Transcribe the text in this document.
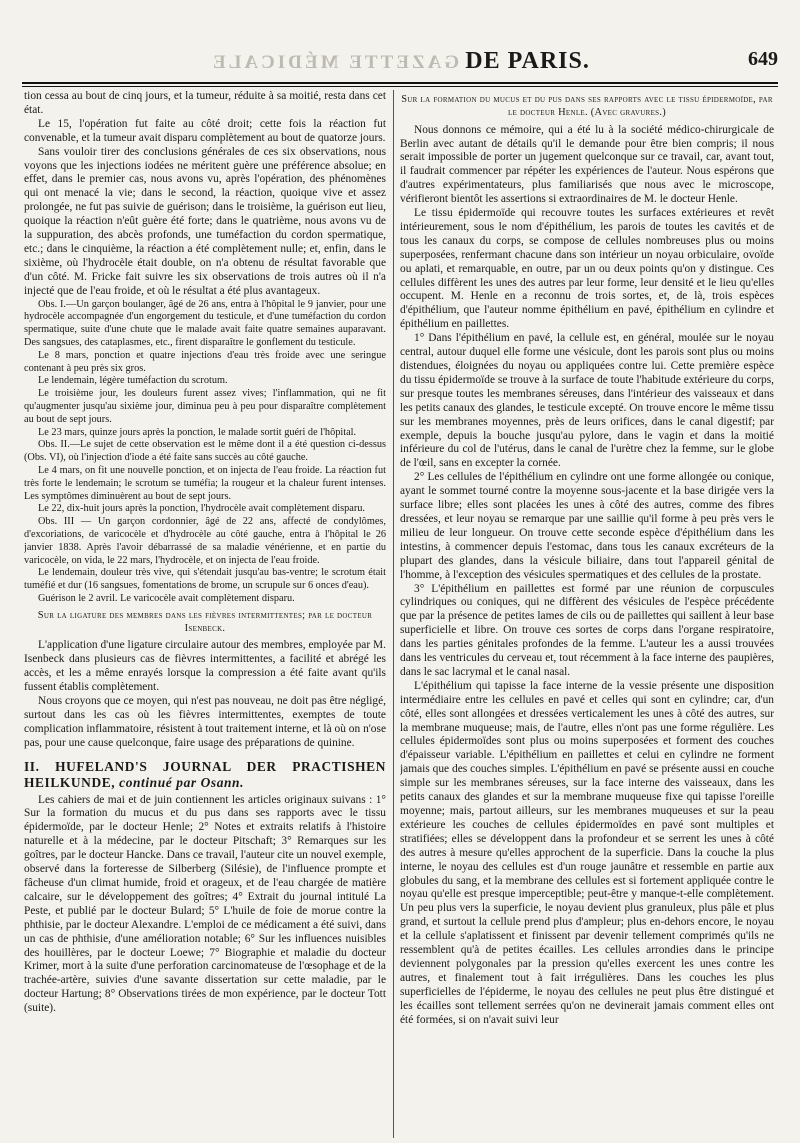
GAZETTE MÉDICALE DE PARIS.	649

tion cessa au bout de cinq jours, et la tumeur, réduite à sa moitié, resta dans cet état.

Le 15, l'opération fut faite au côté droit; cette fois la réaction fut convenable, et la tumeur avait disparu complètement au bout de quatorze jours.

Sans vouloir tirer des conclusions générales de ces six observations, nous voyons que les injections iodées ne méritent guère une préférence absolue; en effet, dans le premier cas, nous avons vu, après l'opération, des phénomènes qui ont menacé la vie; dans le second, la réaction, quoique vive et assez prolongée, ne fut pas suivie de guérison; dans le troisième, la guérison eut lieu, quoique la réaction n'eût guère été forte; dans le quatrième, nous avons vu de la suppuration, des abcès profonds, une tuméfaction du cordon spermatique, etc.; dans le cinquième, la réaction a été complètement nulle; et, enfin, dans le sixième, où l'hydrocèle était double, on n'a obtenu de résultat favorable que d'un côté. M. Fricke fait suivre les six observations de trois autres où il n'a injecté que de l'eau froide, et où le résultat a été plus avantageux.

Obs. I.—Un garçon boulanger, âgé de 26 ans, entra à l'hôpital le 9 janvier, pour une hydrocèle accompagnée d'un engorgement du testicule, et d'une tuméfaction du cordon spermatique, suite d'une chute que le malade avait faite quatre semaines auparavant. Des sangsues, des cataplasmes, etc., firent disparaître le gonflement du testicule.

Le 8 mars, ponction et quatre injections d'eau très froide avec une seringue contenant à peu près six gros.

Le lendemain, légère tuméfaction du scrotum.

Le troisième jour, les douleurs furent assez vives; l'inflammation, qui ne fit qu'augmenter jusqu'au sixième jour, diminua peu à peu pour disparaître complètement au bout de sept jours.

Le 23 mars, quinze jours après la ponction, le malade sortit guéri de l'hôpital.

Obs. II.—Le sujet de cette observation est le même dont il a été question ci-dessus (Obs. VI), où l'injection d'iode a été faite sans succès au côté gauche.

Le 4 mars, on fit une nouvelle ponction, et on injecta de l'eau froide. La réaction fut très forte le lendemain; le scrotum se tuméfia; la rougeur et la chaleur furent intenses. Les symptômes diminuèrent au bout de sept jours.

Le 22, dix-huit jours après la ponction, l'hydrocèle avait complètement disparu.

Obs. III — Un garçon cordonnier, âgé de 22 ans, affecté de condylômes, d'excoriations, de varicocèle et d'hydrocèle au côté gauche, entra à l'hôpital le 26 janvier 1838. Après l'avoir débarrassé de sa maladie vénérienne, et en partie du varicocèle, on vida, le 22 mars, l'hydrocèle, et on injecta de l'eau froide.

Le lendemain, douleur très vive, qui s'étendait jusqu'au bas-ventre; le scrotum était tuméfié et dur (16 sangsues, fomentations de brome, un scrupule sur 6 onces d'eau).

Guérison le 2 avril. Le varicocèle avait complètement disparu.

Sur la ligature des membres dans les fièvres intermittentes; par le docteur Isenbeck.

L'application d'une ligature circulaire autour des membres, employée par M. Isenbeck dans plusieurs cas de fièvres intermittentes, a facilité et abrégé les accès, et les a même enrayés lorsque la compression a été faite avant qu'ils fussent établis complètement.

Nous croyons que ce moyen, qui n'est pas nouveau, ne doit pas être négligé, surtout dans les cas où les fièvres intermittentes, exemptes de toute complication inflammatoire, résistent à tout traitement interne, et là où on n'ose pas, pour une cause quelconque, faire usage des préparations de quinine.

II. HUFELAND'S JOURNAL DER PRACTISHEN HEILKUNDE, continué par Osann.

Les cahiers de mai et de juin contiennent les articles originaux suivans : 1° Sur la formation du mucus et du pus dans ses rapports avec le tissu épidermoïde, par le docteur Henle; 2° Notes et extraits relatifs à l'histoire naturelle et à la médecine, par le docteur Pitschaft; 3° Remarques sur les goîtres, par le docteur Hancke. Dans ce travail, l'auteur cite un nouvel exemple, observé dans la forteresse de Silberberg (Silésie), de l'influence prompte et fâcheuse d'un climat humide, froid et orageux, et de l'eau chargée de matière calcaire, sur le développement des goîtres; 4° Extrait du journal intitulé La Peste, et publié par le docteur Bulard; 5° L'huile de foie de morue contre la phthisie, par le docteur Alexandre. L'emploi de ce médicament a été suivi, dans un cas de phthisie, d'une amélioration notable; 6° Sur les influences nuisibles des houillères, par le docteur Loewe; 7° Biographie et maladie du docteur Krimer, mort à la suite d'une perforation carcinomateuse de l'œsophage et de la trachée-artère, suivies d'une savante dissertation sur cette maladie, par le docteur Hartung; 8° Observations tirées de mon expérience, par le docteur Tott (suite).

Sur la formation du mucus et du pus dans ses rapports avec le tissu épidermoïde, par le docteur Henle. (Avec gravures.)

Nous donnons ce mémoire, qui a été lu à la société médico-chirurgicale de Berlin avec autant de détails qu'il le demande pour être bien compris; il nous serait impossible de porter un jugement quelconque sur ce travail, car, avant tout, il faudrait commencer par répéter les expériences de l'auteur. Nous espérons que d'autres expérimentateurs, plus familiarisés que nous avec le microscope, vérifieront bientôt les assertions si extraordinaires de M. le docteur Henle.

Le tissu épidermoïde qui recouvre toutes les surfaces extérieures et revêt intérieurement, sous le nom d'épithélium, les parois de toutes les cavités et de tous les canaux du corps, se compose de cellules nombreuses plus ou moins superposées, renfermant chacune dans son intérieur un noyau orbiculaire, ovoïde ou aplati, et remarquable, en outre, par un ou deux points qu'on y distingue. Ces cellules diffèrent les unes des autres par leur forme, leur densité et le lieu qu'elles occupent. M. Henle en a reconnu de trois sortes, et, de là, trois espèces d'épithélium, que l'auteur nomme épithélium en pavé, épithélium en cylindre et épithélium en paillettes.

1° Dans l'épithélium en pavé, la cellule est, en général, moulée sur le noyau central, autour duquel elle forme une vésicule, dont les parois sont plus ou moins distendues, éloignées du noyau ou appliquées contre lui. Cette première espèce du tissu épidermoïde se trouve à la surface de toute l'habitude extérieure du corps, sur presque toutes les membranes séreuses, dans l'intérieur des vaisseaux et dans les petits canaux des glandes, le testicule excepté. On trouve encore le même tissu sur les membranes moyennes, près de leurs orifices, dans le canal digestif; par exemple, depuis la bouche jusqu'au pylore, dans le vagin et dans la moitié inférieure du col de l'utérus, dans le canal de l'urètre chez la femme, sur le globe de l'œil, sans en excepter la cornée.

2° Les cellules de l'épithélium en cylindre ont une forme allongée ou conique, ayant le sommet tourné contre la moyenne sous-jacente et la base dirigée vers la surface libre; elles sont placées les unes à côté des autres, comme des fibres dressées, et leur noyau se remarque par une saillie qu'il forme à peu près vers le milieu de leur longueur. On trouve cette seconde espèce d'épithélium dans les intestins, à commencer depuis l'estomac, dans tous les canaux excréteurs de la plupart des glandes, dans la vésicule biliaire, dans tout l'appareil génital de l'homme, à l'exception des vésicules spermatiques et des cellules de la prostate.

3° L'épithélium en paillettes est formé par une réunion de corpuscules cylindriques ou coniques, qui ne diffèrent des vésicules de l'espèce précédente que par la présence de petites lames de cils ou de paillettes qui saillent à leur base superficielle et libre. On trouve ces sortes de corps dans l'organe respiratoire, dans les parties génitales profondes de la femme. L'auteur les a aussi trouvées dans les ventricules du cerveau et, tout récemment à la face interne des paupières, dans le sac lacrymal et le canal nasal.

L'épithélium qui tapisse la face interne de la vessie présente une disposition intermédiaire entre les cellules en pavé et celles qui sont en cylindre; car, d'un côté, elles sont allongées et dressées verticalement les unes à côté des autres, sur la membrane muqueuse; mais, de l'autre, elles n'ont pas une forme régulière. Les cellules épidermoïdes sont plus ou moins superposées et forment des couches d'épaisseur variable. L'épithélium en paillettes et celui en cylindre ne forment jamais que des couches simples. L'épithélium en pavé se présente aussi en couche simple sur les membranes séreuses, sur la face interne des vaisseaux, dans les petits canaux des glandes et sur la membrane muqueuse fixe qui tapisse l'oreille moyenne; mais, partout ailleurs, sur les membranes muqueuses et sur la peau extérieure les couches de cellules épidermoïdes en pavé sont multiples et stratifiées; elles se développent dans la profondeur et se serrent les unes à côté des autres à mesure qu'elles approchent de la superficie. Dans la couche la plus interne, le noyau des cellules est d'un rouge jaunâtre et ressemble en partie aux globules du sang, et la membrane des cellules est si fortement appliquée contre le noyau qu'elle est presque imperceptible; peut-être y manque-t-elle complètement. Un peu plus vers la superficie, le noyau devient plus granuleux, plus pâle et plus grand, et surtout la cellule prend plus d'ampleur; plus en-dehors encore, le noyau et la cellule s'aplatissent et finissent par devenir tellement comprimés qu'ils ne ressemblent qu'à de petites écailles. Les cellules arrondies dans le principe deviennent polygonales par la pression qu'elles exercent les unes contre les autres, et finalement tout à fait irrégulières. Dans les couches les plus superficielles de l'épiderme, le noyau des cellules ne peut plus être distingué et les écailles sont tellement serrées qu'on ne devinerait jamais comment elles ont été formées, si on n'avait suivi leur
